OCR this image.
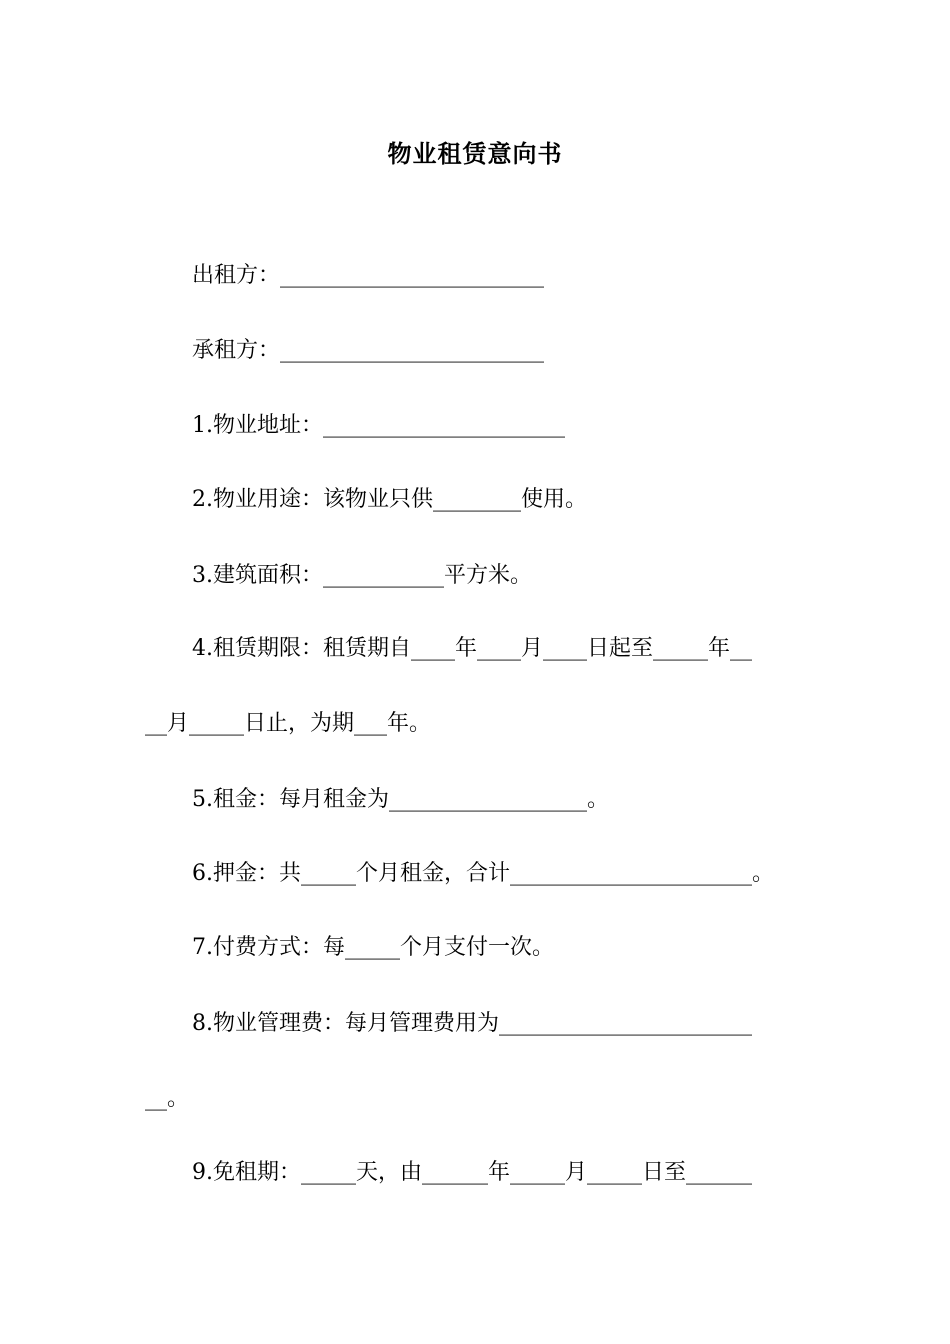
物业租赁意向书
出租方：________________________
承租方：________________________
1.物业地址：______________________
2.物业用途：该物业只供________使用。
3.建筑面积：___________平方米。
4.租赁期限：租赁期自____年____月____日起至_____年__
__月_____日止，为期___年。
5.租金：每月租金为__________________。
6.押金：共_____个月租金，合计______________________。
7.付费方式：每_____个月支付一次。
8.物业管理费：每月管理费用为_______________________
__。
9.免租期：_____天，由______年_____月_____日至______
